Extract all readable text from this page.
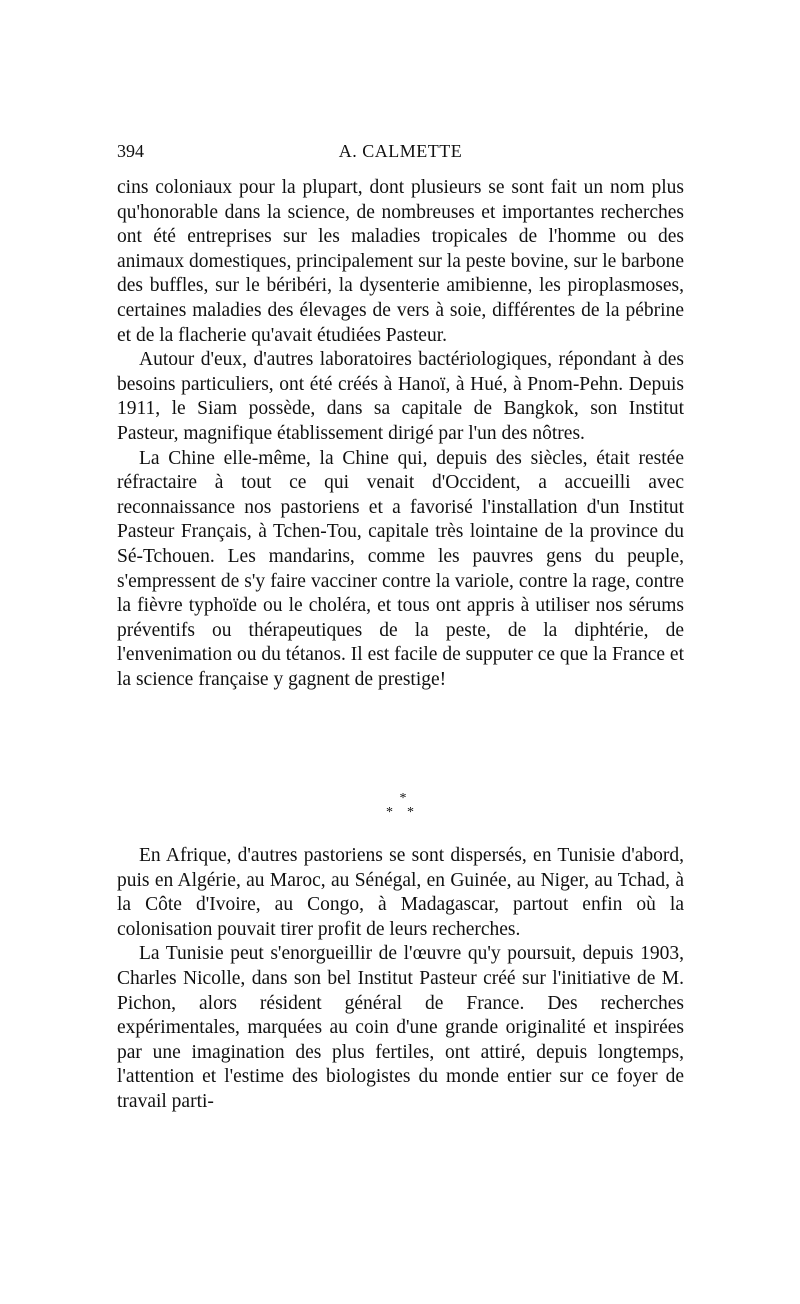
394	A. CALMETTE

cins coloniaux pour la plupart, dont plusieurs se sont fait un nom plus qu'honorable dans la science, de nombreuses et importantes recherches ont été entreprises sur les maladies tropicales de l'homme ou des animaux domestiques, principalement sur la peste bovine, sur le barbone des buffles, sur le béribéri, la dysenterie amibienne, les piroplasmoses, certaines maladies des élevages de vers à soie, différentes de la pébrine et de la flacherie qu'avait étudiées Pasteur.

Autour d'eux, d'autres laboratoires bactériologiques, répondant à des besoins particuliers, ont été créés à Hanoï, à Hué, à Pnom-Pehn. Depuis 1911, le Siam possède, dans sa capitale de Bangkok, son Institut Pasteur, magnifique établissement dirigé par l'un des nôtres.

La Chine elle-même, la Chine qui, depuis des siècles, était restée réfractaire à tout ce qui venait d'Occident, a accueilli avec reconnaissance nos pastoriens et a favorisé l'installation d'un Institut Pasteur Français, à Tchen-Tou, capitale très lointaine de la province du Sé-Tchouen. Les mandarins, comme les pauvres gens du peuple, s'empressent de s'y faire vacciner contre la variole, contre la rage, contre la fièvre typhoïde ou le choléra, et tous ont appris à utiliser nos sérums préventifs ou thérapeutiques de la peste, de la diphtérie, de l'envenimation ou du tétanos. Il est facile de supputer ce que la France et la science française y gagnent de prestige!

*
**

En Afrique, d'autres pastoriens se sont dispersés, en Tunisie d'abord, puis en Algérie, au Maroc, au Sénégal, en Guinée, au Niger, au Tchad, à la Côte d'Ivoire, au Congo, à Madagascar, partout enfin où la colonisation pouvait tirer profit de leurs recherches.

La Tunisie peut s'enorgueillir de l'œuvre qu'y poursuit, depuis 1903, Charles Nicolle, dans son bel Institut Pasteur créé sur l'initiative de M. Pichon, alors résident général de France. Des recherches expérimentales, marquées au coin d'une grande originalité et inspirées par une imagination des plus fertiles, ont attiré, depuis longtemps, l'attention et l'estime des biologistes du monde entier sur ce foyer de travail parti-
